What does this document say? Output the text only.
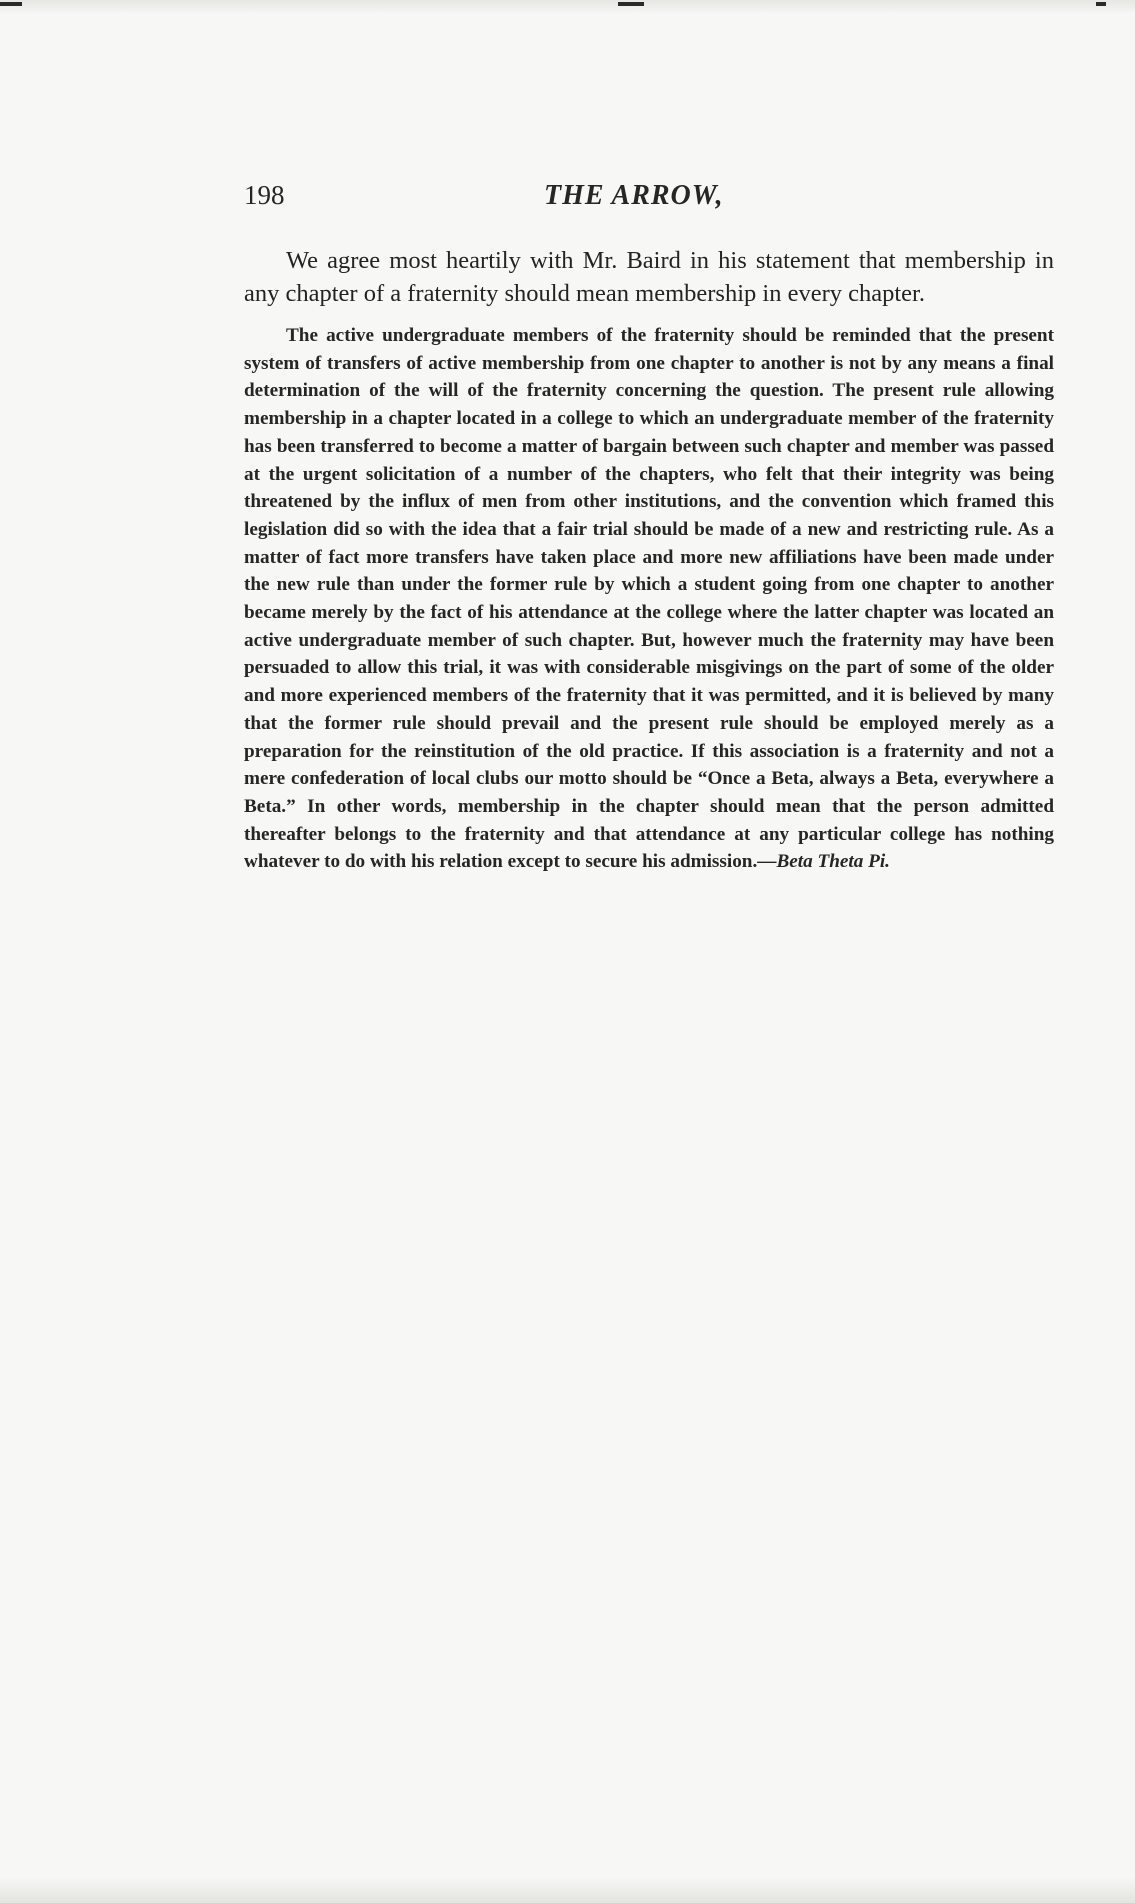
198	THE ARROW,

We agree most heartily with Mr. Baird in his statement that membership in any chapter of a fraternity should mean membership in every chapter.

The active undergraduate members of the fraternity should be reminded that the present system of transfers of active membership from one chapter to another is not by any means a final determination of the will of the fraternity concerning the question. The present rule allowing membership in a chapter located in a college to which an undergraduate member of the fraternity has been transferred to become a matter of bargain between such chapter and member was passed at the urgent solicitation of a number of the chapters, who felt that their integrity was being threatened by the influx of men from other institutions, and the convention which framed this legislation did so with the idea that a fair trial should be made of a new and restricting rule. As a matter of fact more transfers have taken place and more new affiliations have been made under the new rule than under the former rule by which a student going from one chapter to another became merely by the fact of his attendance at the college where the latter chapter was located an active undergraduate member of such chapter. But, however much the fraternity may have been persuaded to allow this trial, it was with considerable misgivings on the part of some of the older and more experienced members of the fraternity that it was permitted, and it is believed by many that the former rule should prevail and the present rule should be employed merely as a preparation for the reinstitution of the old practice. If this association is a fraternity and not a mere confederation of local clubs our motto should be “Once a Beta, always a Beta, everywhere a Beta.” In other words, membership in the chapter should mean that the person admitted thereafter belongs to the fraternity and that attendance at any particular college has nothing whatever to do with his relation except to secure his admission.—Beta Theta Pi.
